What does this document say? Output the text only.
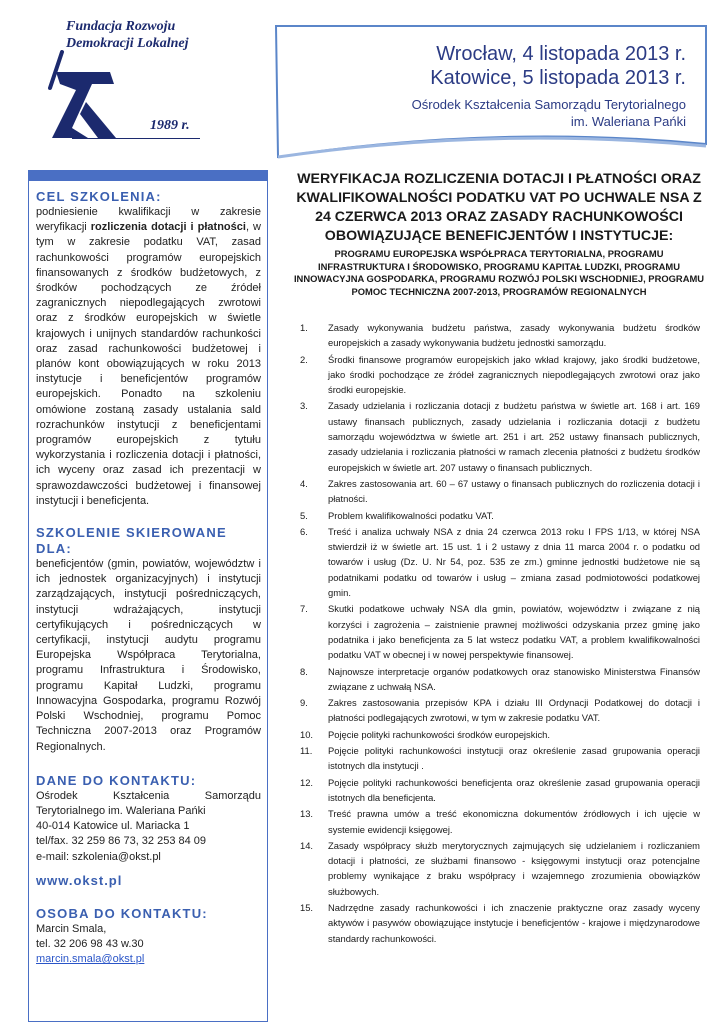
Fundacja Rozwoju
Demokracji Lokalnej
1989 r.
Wrocław, 4 listopada 2013 r.
Katowice, 5 listopada 2013 r.
Ośrodek Kształcenia Samorządu Terytorialnego
im. Waleriana Pańki
CEL SZKOLENIA:
podniesienie kwalifikacji w zakresie weryfikacji rozliczenia dotacji i płatności, w tym w zakresie podatku VAT, zasad rachunkowości programów europejskich finansowanych z środków budżetowych, z środków pochodzących ze źródeł zagranicznych niepodlegających zwrotowi oraz z środków europejskich w świetle krajowych i unijnych standardów rachunkości oraz zasad rachunkowości budżetowej i planów kont obowiązujących w roku 2013 instytucje i beneficjentów programów europejskich. Ponadto na szkoleniu omówione zostaną zasady ustalania sald rozrachunków instytucji z beneficjentami programów europejskich z tytułu wykorzystania i rozliczenia dotacji i płatności, ich wyceny oraz zasad ich prezentacji w sprawozdawczości budżetowej i finansowej instytucji i beneficjenta.
SZKOLENIE SKIEROWANE DLA:
beneficjentów (gmin, powiatów, województw i ich jednostek organizacyjnych) i instytucji zarządzających, instytucji pośredniczących, instytucji wdrażających, instytucji certyfikujących i pośredniczących w certyfikacji, instytucji audytu programu Europejska Współpraca Terytorialna, programu Infrastruktura i Środowisko, programu Kapitał Ludzki, programu Innowacyjna Gospodarka, programu Rozwój Polski Wschodniej, programu Pomoc Techniczna 2007-2013 oraz Programów Regionalnych.
DANE DO KONTAKTU:
Ośrodek Kształcenia Samorządu Terytorialnego im. Waleriana Pańki
40-014 Katowice ul. Mariacka 1
tel/fax. 32 259 86 73, 32 253 84 09
e-mail: szkolenia@okst.pl
www.okst.pl
OSOBA DO KONTAKTU:
Marcin Smala,
tel. 32 206 98 43 w.30
marcin.smala@okst.pl
WERYFIKACJA ROZLICZENIA DOTACJI I PŁATNOŚCI ORAZ KWALIFIKOWALNOŚCI PODATKU VAT PO UCHWALE NSA Z 24 CZERWCA 2013 ORAZ ZASADY RACHUNKOWOŚCI OBOWIĄZUJĄCE BENEFICJENTÓW I INSTYTUCJE:
PROGRAMU EUROPEJSKA WSPÓŁPRACA TERYTORIALNA, PROGRAMU INFRASTRUKTURA I ŚRODOWISKO, PROGRAMU KAPITAŁ LUDZKI, PROGRAMU INNOWACYJNA GOSPODARKA, PROGRAMU ROZWÓJ POLSKI WSCHODNIEJ, PROGRAMU POMOC TECHNICZNA 2007-2013, PROGRAMÓW REGIONALNYCH
1. Zasady wykonywania budżetu państwa, zasady wykonywania budżetu środków europejskich a zasady wykonywania budżetu jednostki samorządu.
2. Środki finansowe programów europejskich jako wkład krajowy, jako środki budżetowe, jako środki pochodzące ze źródeł zagranicznych niepodlegających zwrotowi oraz jako środki europejskie.
3. Zasady udzielania i rozliczania dotacji z budżetu państwa w świetle art. 168 i art. 169 ustawy finansach publicznych, zasady udzielania i rozliczania dotacji z budżetu samorządu województwa w świetle art. 251 i art. 252 ustawy finansach publicznych, zasady udzielania i rozliczania płatności w ramach zlecenia płatności z budżetu środków europejskich w świetle art. 207 ustawy o finansach publicznych.
4. Zakres zastosowania art. 60 – 67 ustawy o finansach publicznych do rozliczenia dotacji i płatności.
5. Problem kwalifikowalności podatku VAT.
6. Treść i analiza uchwały NSA z dnia 24 czerwca 2013 roku I FPS 1/13, w której NSA stwierdził iż w świetle art. 15 ust. 1 i 2 ustawy z dnia 11 marca 2004 r. o podatku od towarów i usług (Dz. U. Nr 54, poz. 535 ze zm.) gminne jednostki budżetowe nie są podatnikami podatku od towarów i usług – zmiana zasad podmiotowości podatkowej gmin.
7. Skutki podatkowe uchwały NSA dla gmin, powiatów, województw i związane z nią korzyści i zagrożenia – zaistnienie prawnej możliwości odzyskania przez gminę jako podatnika i jako beneficjenta za 5 lat wstecz podatku VAT, a problem kwalifikowalności podatku VAT w obecnej i w nowej perspektywie finansowej.
8. Najnowsze interpretacje organów podatkowych oraz stanowisko Ministerstwa Finansów związane z uchwałą NSA.
9. Zakres zastosowania przepisów KPA i działu III Ordynacji Podatkowej do dotacji i płatności podlegających zwrotowi, w tym w zakresie podatku VAT.
10. Pojęcie polityki rachunkowości środków europejskich.
11. Pojęcie polityki rachunkowości instytucji oraz określenie zasad grupowania operacji istotnych dla instytucji .
12. Pojęcie polityki rachunkowości beneficjenta oraz określenie zasad grupowania operacji istotnych dla beneficjenta.
13. Treść prawna umów a treść ekonomiczna dokumentów źródłowych i ich ujęcie w systemie ewidencji księgowej.
14. Zasady współpracy służb merytorycznych zajmujących się udzielaniem i rozliczaniem dotacji i płatności, ze służbami finansowo - księgowymi instytucji oraz potencjalne problemy wynikające z braku współpracy i wzajemnego zrozumienia obowiązków służbowych.
15. Nadrzędne zasady rachunkowości i ich znaczenie praktyczne oraz zasady wyceny aktywów i pasywów obowiązujące instytucje i beneficjentów - krajowe i międzynarodowe standardy rachunkowości.
